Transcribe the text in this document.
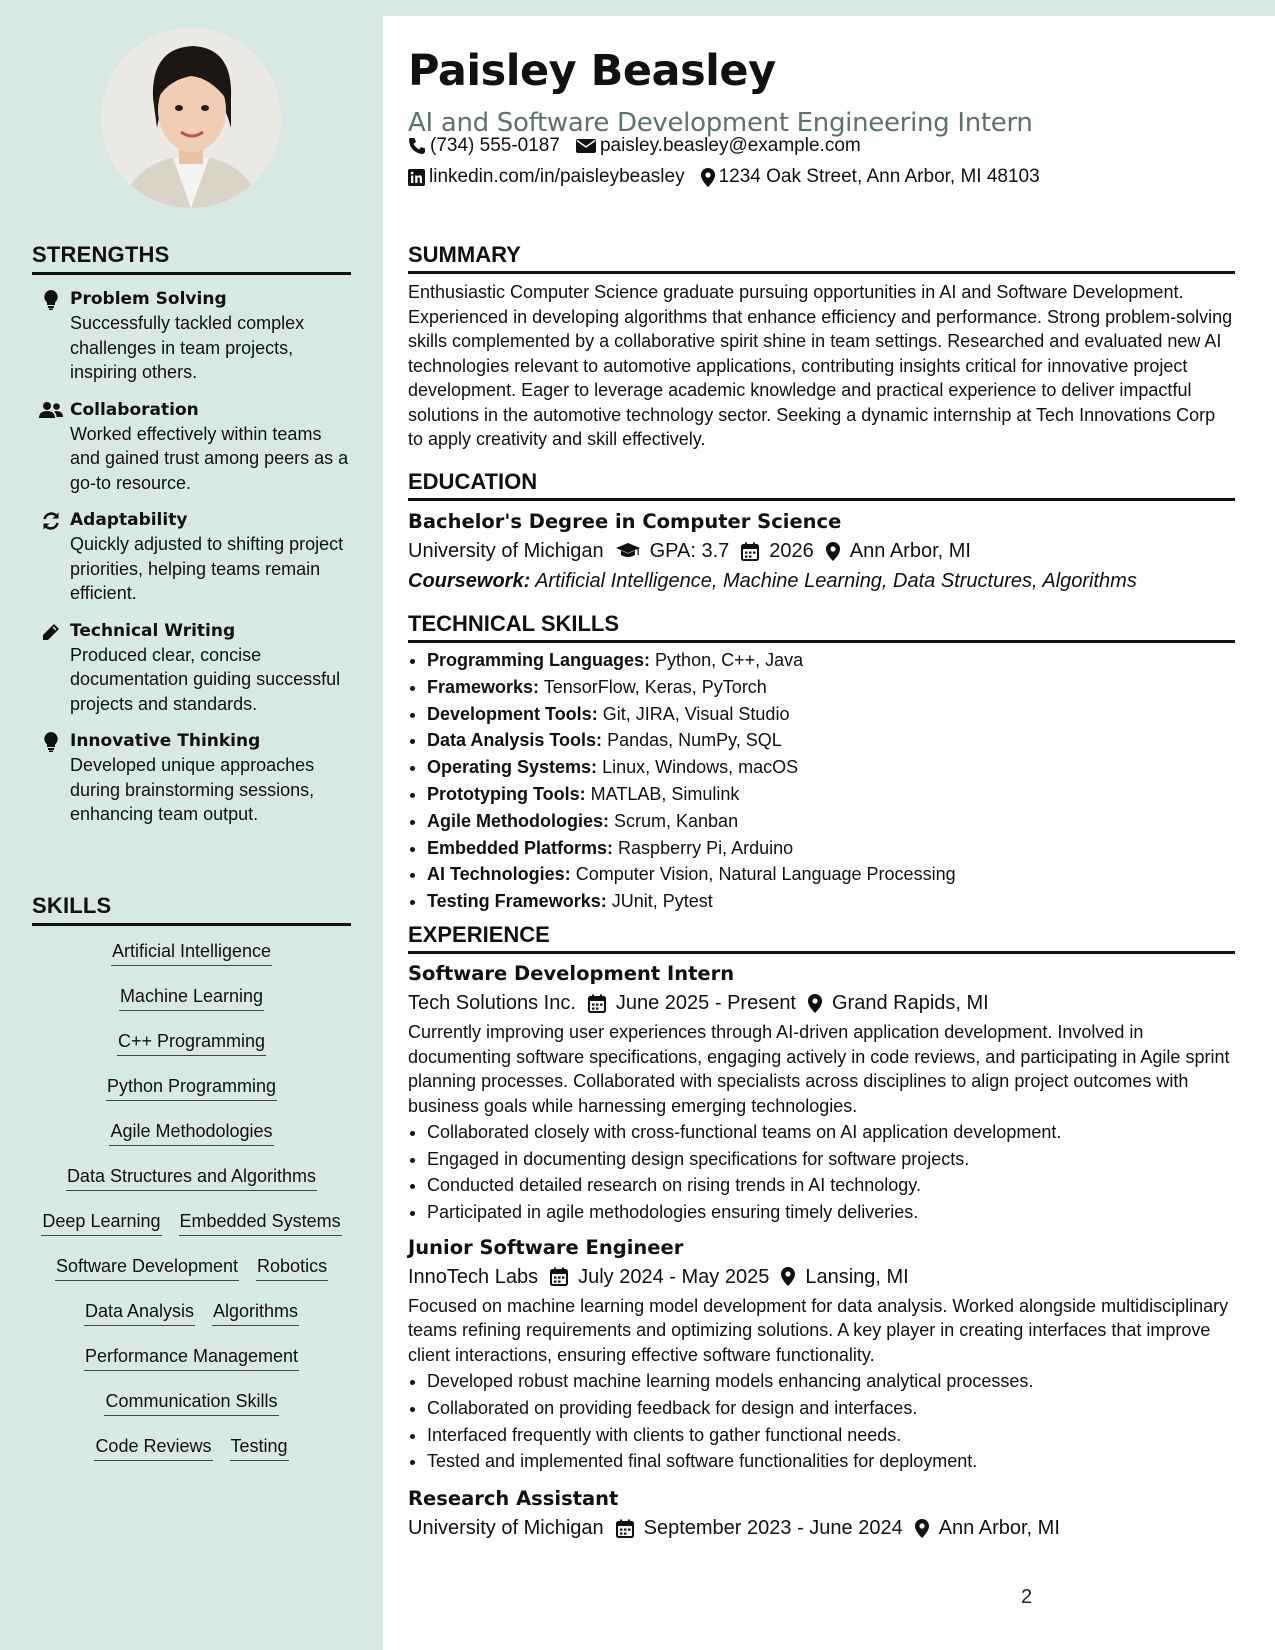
STRENGTHS
Problem Solving
Successfully tackled complex challenges in team projects, inspiring others.
Collaboration
Worked effectively within teams and gained trust among peers as a go-to resource.
Adaptability
Quickly adjusted to shifting project priorities, helping teams remain efficient.
Technical Writing
Produced clear, concise documentation guiding successful projects and standards.
Innovative Thinking
Developed unique approaches during brainstorming sessions, enhancing team output.
SKILLS
Artificial Intelligence
Machine Learning
C++ Programming
Python Programming
Agile Methodologies
Data Structures and Algorithms
Deep Learning Embedded Systems
Software Development Robotics
Data Analysis Algorithms
Performance Management
Communication Skills
Code Reviews Testing
Paisley Beasley
AI and Software Development Engineering Intern
(734) 555-0187 paisley.beasley@example.com
linkedin.com/in/paisleybeasley 1234 Oak Street, Ann Arbor, MI 48103
SUMMARY
Enthusiastic Computer Science graduate pursuing opportunities in AI and Software Development. Experienced in developing algorithms that enhance efficiency and performance. Strong problem-solving skills complemented by a collaborative spirit shine in team settings. Researched and evaluated new AI technologies relevant to automotive applications, contributing insights critical for innovative project development. Eager to leverage academic knowledge and practical experience to deliver impactful solutions in the automotive technology sector. Seeking a dynamic internship at Tech Innovations Corp to apply creativity and skill effectively.
EDUCATION
Bachelor's Degree in Computer Science
University of Michigan GPA: 3.7 2026 Ann Arbor, MI
Coursework: Artificial Intelligence, Machine Learning, Data Structures, Algorithms
TECHNICAL SKILLS
• Programming Languages: Python, C++, Java
• Frameworks: TensorFlow, Keras, PyTorch
• Development Tools: Git, JIRA, Visual Studio
• Data Analysis Tools: Pandas, NumPy, SQL
• Operating Systems: Linux, Windows, macOS
• Prototyping Tools: MATLAB, Simulink
• Agile Methodologies: Scrum, Kanban
• Embedded Platforms: Raspberry Pi, Arduino
• AI Technologies: Computer Vision, Natural Language Processing
• Testing Frameworks: JUnit, Pytest
EXPERIENCE
Software Development Intern
Tech Solutions Inc. June 2025 - Present Grand Rapids, MI
Currently improving user experiences through AI-driven application development. Involved in documenting software specifications, engaging actively in code reviews, and participating in Agile sprint planning processes. Collaborated with specialists across disciplines to align project outcomes with business goals while harnessing emerging technologies.
• Collaborated closely with cross-functional teams on AI application development.
• Engaged in documenting design specifications for software projects.
• Conducted detailed research on rising trends in AI technology.
• Participated in agile methodologies ensuring timely deliveries.
Junior Software Engineer
InnoTech Labs July 2024 - May 2025 Lansing, MI
Focused on machine learning model development for data analysis. Worked alongside multidisciplinary teams refining requirements and optimizing solutions. A key player in creating interfaces that improve client interactions, ensuring effective software functionality.
• Developed robust machine learning models enhancing analytical processes.
• Collaborated on providing feedback for design and interfaces.
• Interfaced frequently with clients to gather functional needs.
• Tested and implemented final software functionalities for deployment.
Research Assistant
University of Michigan September 2023 - June 2024 Ann Arbor, MI
2
